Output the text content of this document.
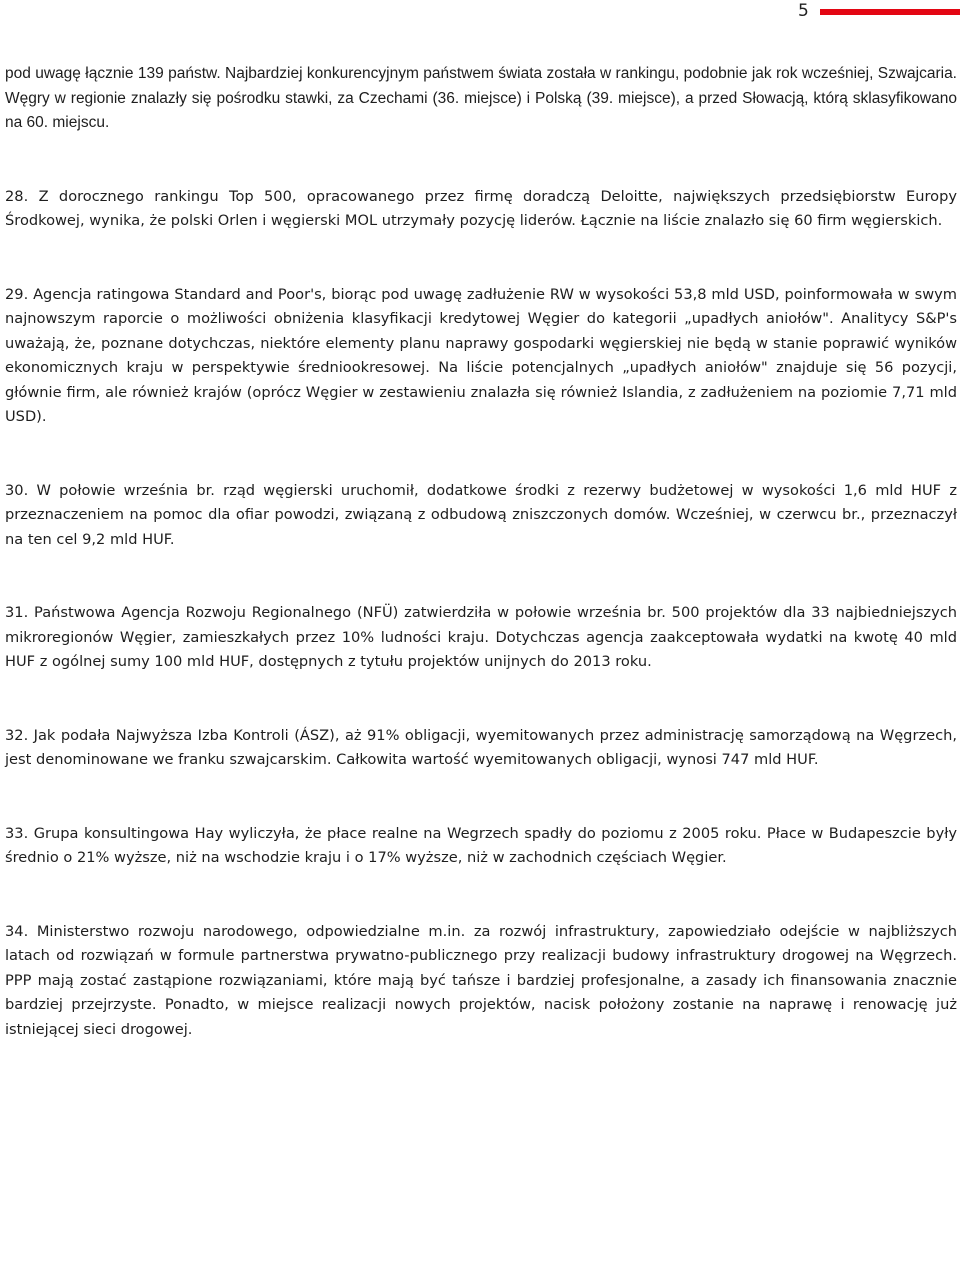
5

pod uwagę łącznie 139 państw. Najbardziej konkurencyjnym państwem świata została w rankingu, podobnie jak rok wcześniej, Szwajcaria. Węgry w regionie znalazły się pośrodku stawki, za Czechami (36. miejsce) i Polską (39. miejsce), a przed Słowacją, którą sklasyfikowano na 60. miejscu.

28. Z dorocznego rankingu Top 500, opracowanego przez firmę doradczą Deloitte, największych przedsiębiorstw Europy Środkowej, wynika, że polski Orlen i węgierski MOL utrzymały pozycję liderów. Łącznie na liście znalazło się 60 firm węgierskich.

29. Agencja ratingowa Standard and Poor's, biorąc pod uwagę zadłużenie RW w wysokości 53,8 mld USD, poinformowała w swym najnowszym raporcie o możliwości obniżenia klasyfikacji kredytowej Węgier do kategorii „upadłych aniołów". Analitycy S&P's uważają, że, poznane dotychczas, niektóre elementy planu naprawy gospodarki węgierskiej nie będą w stanie poprawić wyników ekonomicznych kraju w perspektywie średniookresowej. Na liście potencjalnych „upadłych aniołów" znajduje się 56 pozycji, głównie firm, ale również krajów (oprócz Węgier w zestawieniu znalazła się również Islandia, z zadłużeniem na poziomie 7,71 mld USD).

30. W połowie września br. rząd węgierski uruchomił, dodatkowe środki z rezerwy budżetowej w wysokości 1,6 mld HUF z przeznaczeniem na pomoc dla ofiar powodzi, związaną z odbudową zniszczonych domów. Wcześniej, w czerwcu br., przeznaczył na ten cel 9,2 mld HUF.

31. Państwowa Agencja Rozwoju Regionalnego (NFÜ) zatwierdziła w połowie września br. 500 projektów dla 33 najbiedniejszych mikroregionów Węgier, zamieszkałych przez 10% ludności kraju. Dotychczas agencja zaakceptowała wydatki na kwotę 40 mld HUF z ogólnej sumy 100 mld HUF, dostępnych z tytułu projektów unijnych do 2013 roku.

32. Jak podała Najwyższa Izba Kontroli (ÁSZ), aż 91% obligacji, wyemitowanych przez administrację samorządową na Węgrzech, jest denominowane we franku szwajcarskim. Całkowita wartość wyemitowanych obligacji, wynosi 747 mld HUF.

33. Grupa konsultingowa Hay wyliczyła, że płace realne na Wegrzech spadły do poziomu z 2005 roku. Płace w Budapeszcie były średnio o 21% wyższe, niż na wschodzie kraju i o 17% wyższe, niż w zachodnich częściach Węgier.

34. Ministerstwo rozwoju narodowego, odpowiedzialne m.in. za rozwój infrastruktury, zapowiedziało odejście w najbliższych latach od rozwiązań w formule partnerstwa prywatno-publicznego przy realizacji budowy infrastruktury drogowej na Węgrzech. PPP mają zostać zastąpione rozwiązaniami, które mają być tańsze i bardziej profesjonalne, a zasady ich finansowania znacznie bardziej przejrzyste. Ponadto, w miejsce realizacji nowych projektów, nacisk położony zostanie na naprawę i renowację już istniejącej sieci drogowej.
